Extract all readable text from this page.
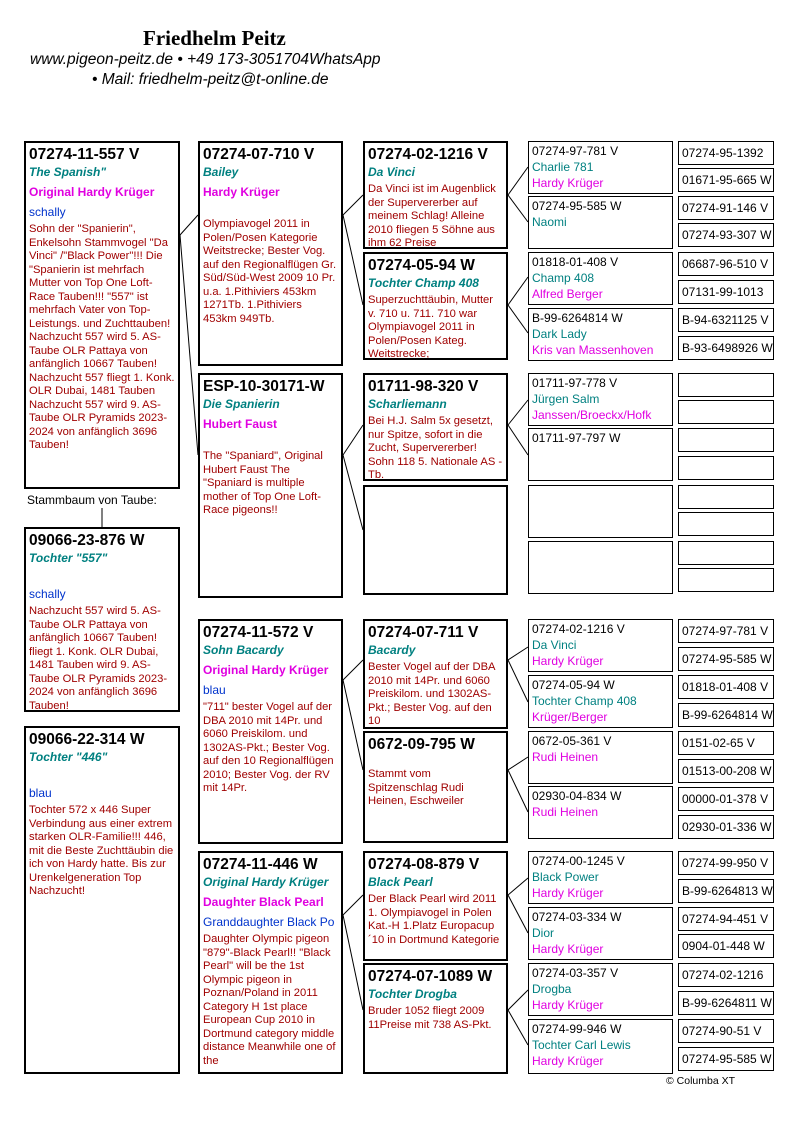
Friedhelm Peitz
www.pigeon-peitz.de • +49 173-3051704WhatsApp
• Mail: friedhelm-peitz@t-online.de
07274-11-557 V
The Spanish"
Original Hardy Krüger
schally
Sohn der "Spanierin", Enkelsohn Stammvogel "Da Vinci" /"Black Power"!!! Die "Spanierin ist mehrfach Mutter von Top One Loft-Race Tauben!!! "557" ist mehrfach Vater von Top-Leistungs. und Zuchttauben! Nachzucht 557 wird 5. AS-Taube OLR Pattaya von anfänglich 10667 Tauben! Nachzucht 557 fliegt 1. Konk. OLR Dubai, 1481 Tauben Nachzucht 557 wird 9. AS-Taube OLR Pyramids 2023-2024 von anfänglich 3696 Tauben!
Stammbaum von Taube:
09066-23-876 W
Tochter "557"
schally
Nachzucht 557 wird 5. AS-Taube OLR Pattaya von anfänglich 10667 Tauben! fliegt 1. Konk. OLR Dubai, 1481 Tauben wird 9. AS-Taube OLR Pyramids 2023-2024 von anfänglich 3696 Tauben!
09066-22-314 W
Tochter "446"
blau
Tochter 572 x 446 Super Verbindung aus einer extrem starken OLR-Familie!!! 446, mit die Beste Zuchttäubin die ich von Hardy hatte. Bis zur Urenkelgeneration Top Nachzucht!
07274-07-710 V
Bailey
Hardy Krüger
Olympiavogel 2011 in Polen/Posen Kategorie Weitstrecke; Bester Vog. auf den Regionalflügen Gr. Süd/Süd-West 2009 10 Pr. u.a. 1.Pithiviers 453km 1271Tb. 1.Pithiviers 453km 949Tb.
ESP-10-30171-W
Die Spanierin
Hubert Faust
The "Spaniard", Original Hubert Faust The "Spaniard is multiple mother of Top One Loft-Race pigeons!!
07274-11-572 V
Sohn Bacardy
Original Hardy Krüger
blau
"711" bester Vogel auf der DBA 2010 mit 14Pr. und 6060 Preiskilom. und 1302AS-Pkt.; Bester Vog. auf den 10 Regionalflügen 2010; Bester Vog. der RV mit 14Pr.
07274-11-446 W
Original Hardy Krüger
Daughter Black Pearl
Granddaughter Black Po
Daughter Olympic pigeon "879"-Black Pearl!! "Black Pearl" will be the 1st Olympic pigeon in Poznan/Poland in 2011 Category H 1st place European Cup 2010 in Dortmund category middle distance Meanwhile one of the
07274-02-1216 V
Da Vinci
Da Vinci ist im Augenblick der Supervererber auf meinem Schlag! Alleine 2010 fliegen 5 Söhne aus ihm 62 Preise
07274-05-94 W
Tochter Champ 408
Superzuchttäubin, Mutter v. 710 u. 711. 710 war Olympiavogel 2011 in Polen/Posen Kateg. Weitstrecke;
01711-98-320 V
Scharliemann
Bei H.J. Salm 5x gesetzt, nur Spitze, sofort in die Zucht, Supervererber! Sohn 118 5. Nationale AS -Tb.
07274-07-711 V
Bacardy
Bester Vogel auf der DBA 2010 mit 14Pr. und 6060 Preiskilom. und 1302AS-Pkt.; Bester Vog. auf den 10
0672-09-795 W
Stammt vom Spitzenschlag Rudi Heinen, Eschweiler
07274-08-879 V
Black Pearl
Der Black Pearl wird 2011 1. Olympiavogel in Polen Kat.-H 1.Platz Europacup ´10 in Dortmund Kategorie
07274-07-1089 W
Tochter Drogba
Bruder 1052 fliegt 2009 11Preise mit 738 AS-Pkt.
07274-97-781 V
Charlie 781
Hardy Krüger
07274-95-585 W
Naomi
01818-01-408 V
Champ 408
Alfred Berger
B-99-6264814 W
Dark Lady
Kris van Massenhoven
01711-97-778 V
Jürgen Salm
Janssen/Broeckx/Hofk
01711-97-797 W
07274-02-1216 V
Da Vinci
Hardy Krüger
07274-05-94 W
Tochter Champ 408
Krüger/Berger
0672-05-361 V
Rudi Heinen
02930-04-834 W
Rudi Heinen
07274-00-1245 V
Black Power
Hardy Krüger
07274-03-334 W
Dior
Hardy Krüger
07274-03-357 V
Drogba
Hardy Krüger
07274-99-946 W
Tochter Carl Lewis
Hardy Krüger
07274-95-1392
01671-95-665 W
07274-91-146 V
07274-93-307 W
06687-96-510 V
07131-99-1013
B-94-6321125 V
B-93-6498926 W
07274-97-781 V
07274-95-585 W
01818-01-408 V
B-99-6264814 W
0151-02-65 V
01513-00-208 W
00000-01-378 V
02930-01-336 W
07274-99-950 V
B-99-6264813 W
07274-94-451 V
0904-01-448 W
07274-02-1216
B-99-6264811 W
07274-90-51 V
07274-95-585 W
© Columba XT
